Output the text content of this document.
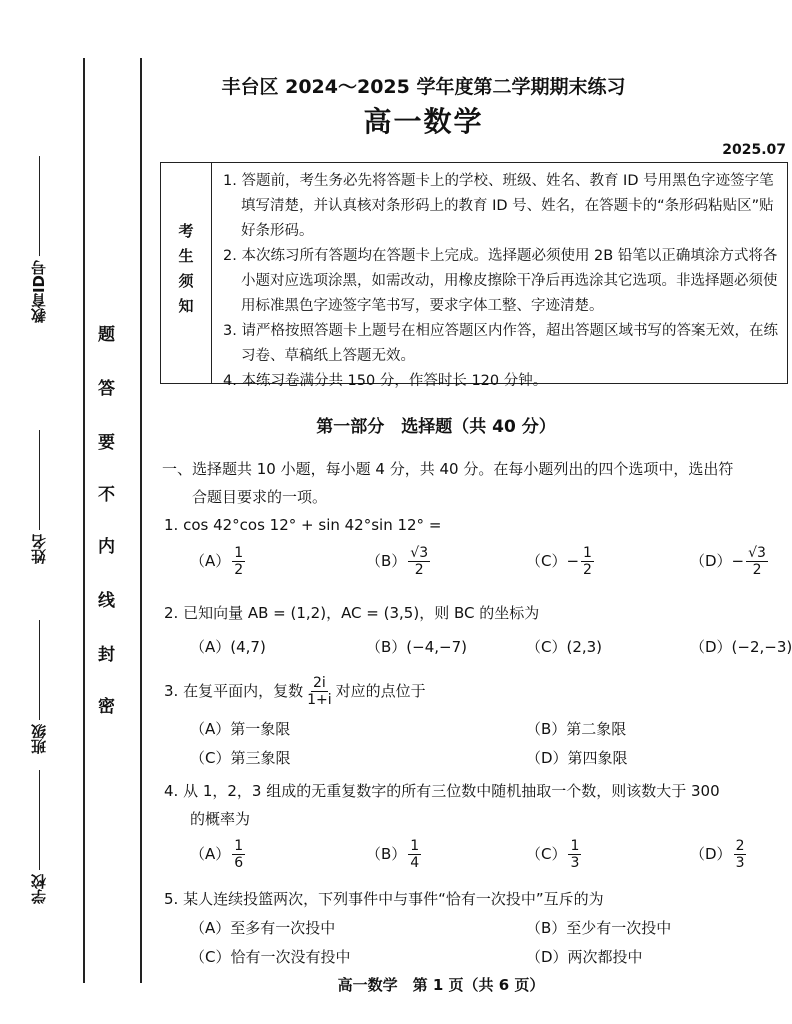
教育ID号
姓名
班级
学校
密
封
线
内
不
要
答
题
丰台区 2024～2025 学年度第二学期期末练习
高一数学
2025.07
考生须知

1. 答题前，考生务必先将答题卡上的学校、班级、姓名、教育 ID 号用黑色字迹签字笔填写清楚，并认真核对条形码上的教育 ID 号、姓名，在答题卡的“条形码粘贴区”贴好条形码。

2. 本次练习所有答题均在答题卡上完成。选择题必须使用 2B 铅笔以正确填涂方式将各小题对应选项涂黑，如需改动，用橡皮擦除干净后再选涂其它选项。非选择题必须使用标准黑色字迹签字笔书写，要求字体工整、字迹清楚。

3. 请严格按照答题卡上题号在相应答题区内作答，超出答题区域书写的答案无效，在练习卷、草稿纸上答题无效。

4. 本练习卷满分共 150 分，作答时长 120 分钟。

第一部分　选择题（共 40 分）
一、选择题共 10 小题，每小题 4 分，共 40 分。在每小题列出的四个选项中，选出符
合题目要求的一项。
1. cos 42°cos 12° + sin 42°sin 12° =
$(A) \frac{1}{2}$	$(B) \frac{√3}{2}$	$(C)- \frac{1}{2}$	$(D)- \frac{√3}{2}$
2. 已知向量 AB = (1,2)，AC = (3,5)，则 BC 的坐标为
（A）(4,7)	（B）(−4,−7)	（C）(2,3)	（D）(−2,−3)
3. 在复平面内，复数 $\frac{2i}{1+i}$ 对应的点位于
（A）第一象限	（B）第二象限
（C）第三象限	（D）第四象限
4. 从 1，2，3 组成的无重复数字的所有三位数中随机抽取一个数，则该数大于 300
的概率为
$(A) \frac{1}{6}$	$(B) \frac{1}{4}$	$(C) \frac{1}{3}$	$(D) \frac{2}{3}$
5. 某人连续投篮两次，下列事件中与事件“恰有一次投中”互斥的为
（A）至多有一次投中	（B）至少有一次投中
（C）恰有一次没有投中	（D）两次都投中
高一数学　第 1 页（共 6 页）
